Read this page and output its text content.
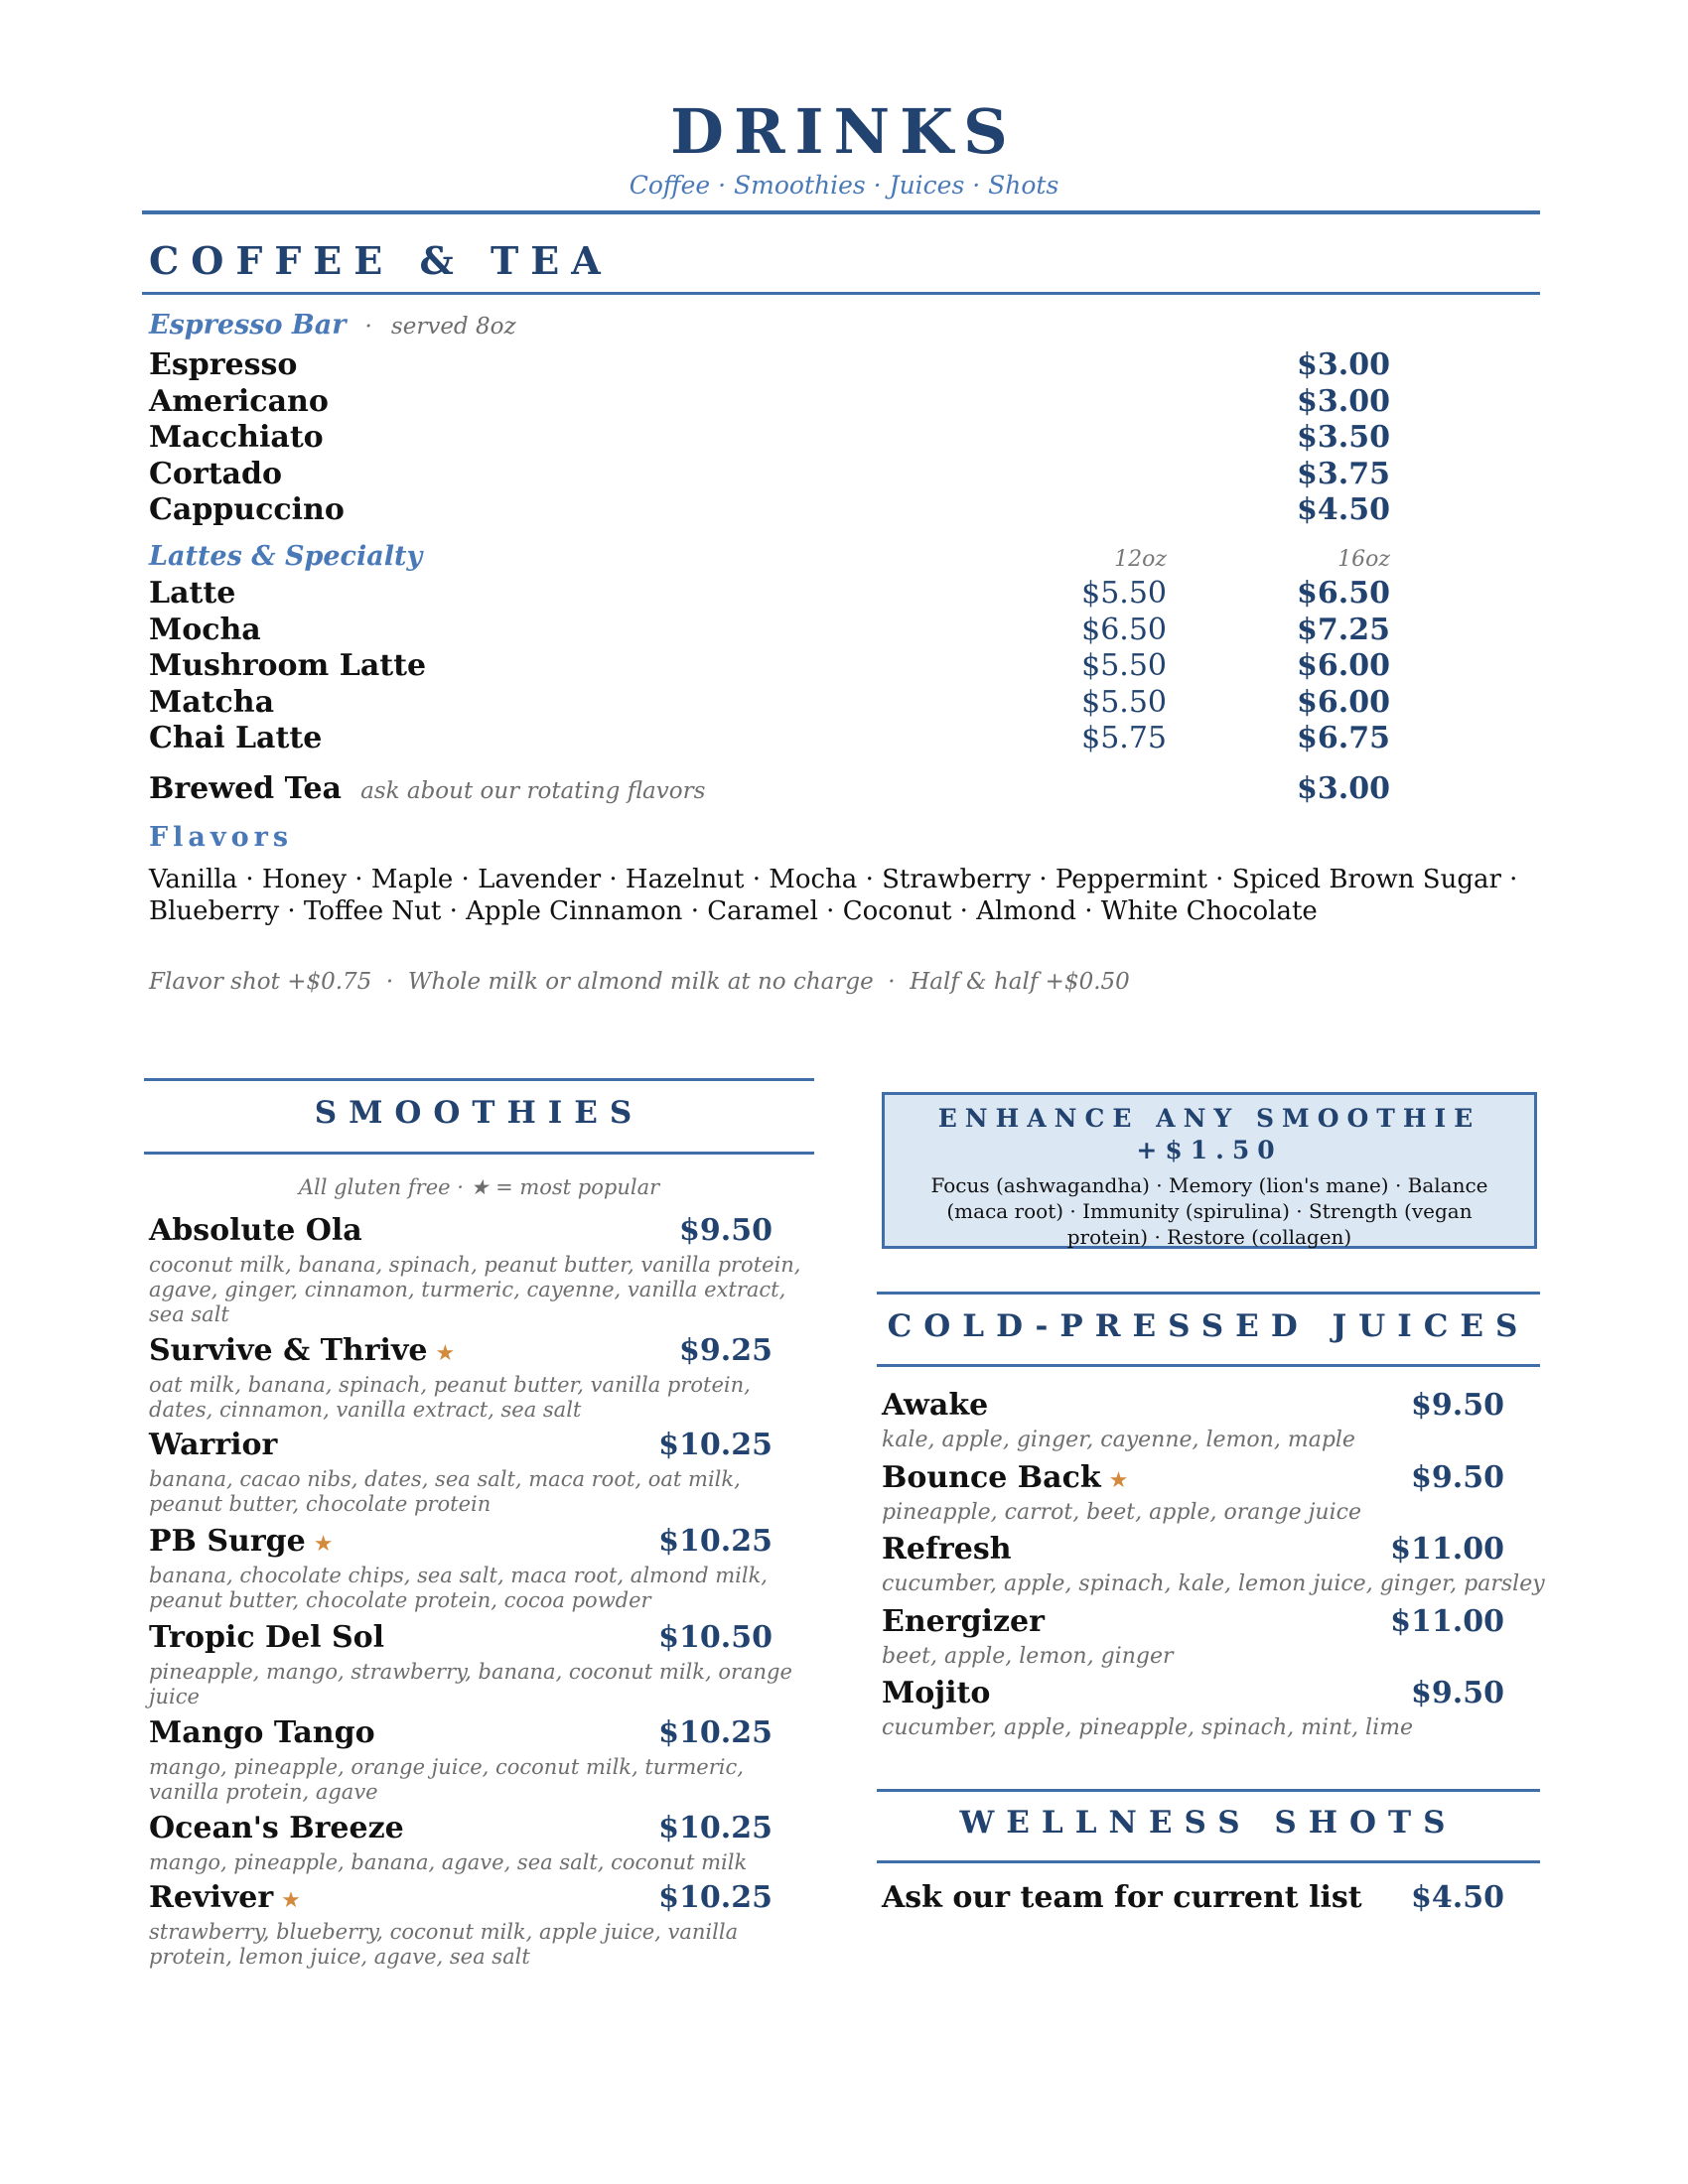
DRINKS
Coffee · Smoothies · Juices · Shots
COFFEE & TEA
Espresso Bar · served 8oz
Espresso	$3.00
Americano	$3.00
Macchiato	$3.50
Cortado	$3.75
Cappuccino	$4.50
Lattes & Specialty	12oz	16oz
Latte	$5.50	$6.50
Mocha	$6.50	$7.25
Mushroom Latte	$5.50	$6.00
Matcha	$5.50	$6.00
Chai Latte	$5.75	$6.75
Brewed Tea ask about our rotating flavors	$3.00
Flavors
Vanilla · Honey · Maple · Lavender · Hazelnut · Mocha · Strawberry · Peppermint · Spiced Brown Sugar · Blueberry · Toffee Nut · Apple Cinnamon · Caramel · Coconut · Almond · White Chocolate
Flavor shot +$0.75  ·  Whole milk or almond milk at no charge  ·  Half & half +$0.50
SMOOTHIES
All gluten free · ★ = most popular
Absolute Ola	$9.50
coconut milk, banana, spinach, peanut butter, vanilla protein, agave, ginger, cinnamon, turmeric, cayenne, vanilla extract, sea salt
Survive & Thrive ★	$9.25
oat milk, banana, spinach, peanut butter, vanilla protein, dates, cinnamon, vanilla extract, sea salt
Warrior	$10.25
banana, cacao nibs, dates, sea salt, maca root, oat milk, peanut butter, chocolate protein
PB Surge ★	$10.25
banana, chocolate chips, sea salt, maca root, almond milk, peanut butter, chocolate protein, cocoa powder
Tropic Del Sol	$10.50
pineapple, mango, strawberry, banana, coconut milk, orange juice
Mango Tango	$10.25
mango, pineapple, orange juice, coconut milk, turmeric, vanilla protein, agave
Ocean's Breeze	$10.25
mango, pineapple, banana, agave, sea salt, coconut milk
Reviver ★	$10.25
strawberry, blueberry, coconut milk, apple juice, vanilla protein, lemon juice, agave, sea salt
ENHANCE ANY SMOOTHIE +$1.50
Focus (ashwagandha) · Memory (lion's mane) · Balance (maca root) · Immunity (spirulina) · Strength (vegan protein) · Restore (collagen)
COLD-PRESSED JUICES
Awake	$9.50
kale, apple, ginger, cayenne, lemon, maple
Bounce Back ★	$9.50
pineapple, carrot, beet, apple, orange juice
Refresh	$11.00
cucumber, apple, spinach, kale, lemon juice, ginger, parsley
Energizer	$11.00
beet, apple, lemon, ginger
Mojito	$9.50
cucumber, apple, pineapple, spinach, mint, lime
WELLNESS SHOTS
Ask our team for current list	$4.50
